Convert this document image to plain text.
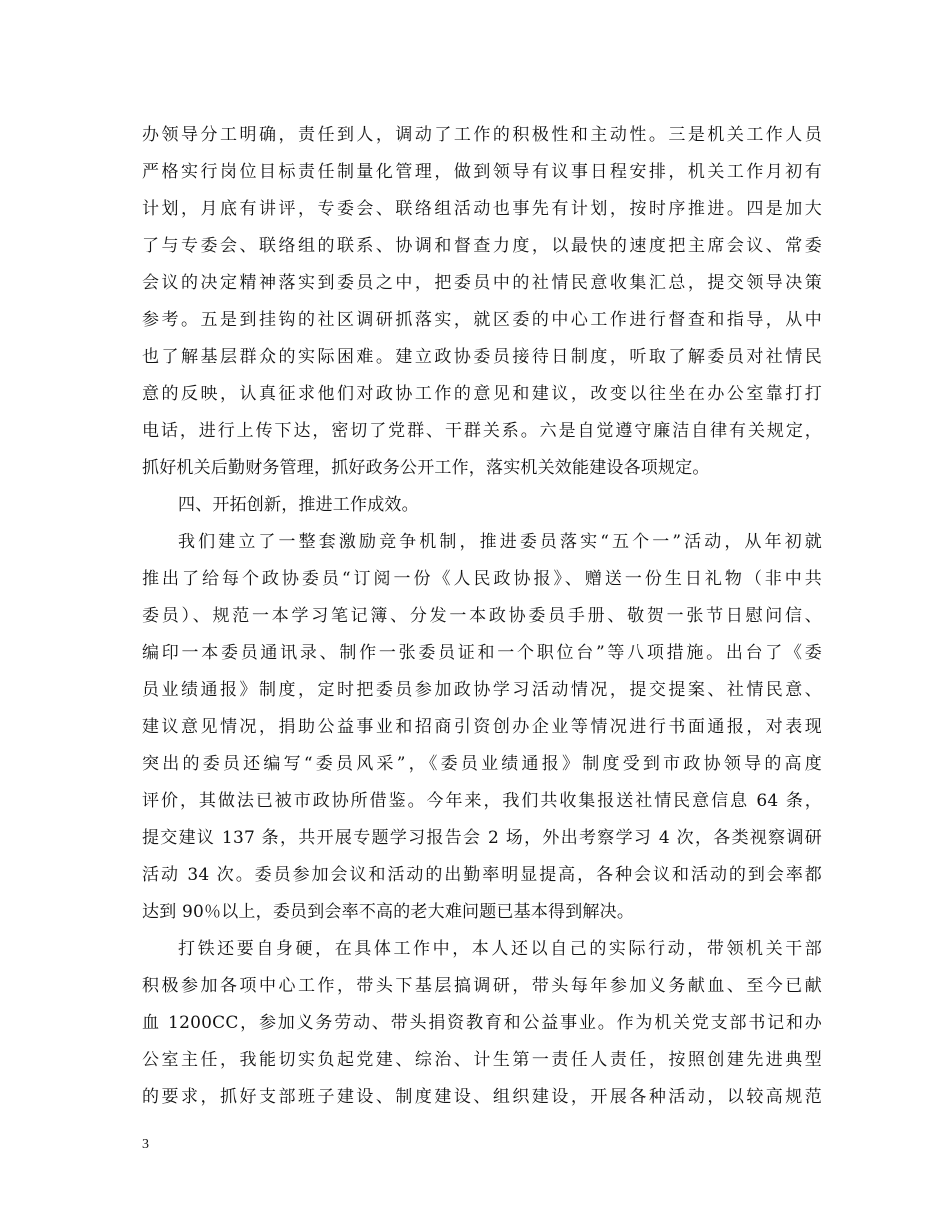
办领导分工明确，责任到人，调动了工作的积极性和主动性。三是机关工作人员
严格实行岗位目标责任制量化管理，做到领导有议事日程安排，机关工作月初有
计划，月底有讲评，专委会、联络组活动也事先有计划，按时序推进。四是加大
了与专委会、联络组的联系、协调和督查力度，以最快的速度把主席会议、常委
会议的决定精神落实到委员之中，把委员中的社情民意收集汇总，提交领导决策
参考。五是到挂钩的社区调研抓落实，就区委的中心工作进行督查和指导，从中
也了解基层群众的实际困难。建立政协委员接待日制度，听取了解委员对社情民
意的反映，认真征求他们对政协工作的意见和建议，改变以往坐在办公室靠打打
电话，进行上传下达，密切了党群、干群关系。六是自觉遵守廉洁自律有关规定，
抓好机关后勤财务管理，抓好政务公开工作，落实机关效能建设各项规定。
四、开拓创新，推进工作成效。
我们建立了一整套激励竞争机制，推进委员落实“五个一”活动，从年初就
推出了给每个政协委员“订阅一份《人民政协报》、赠送一份生日礼物（非中共
委员）、规范一本学习笔记簿、分发一本政协委员手册、敬贺一张节日慰问信、
编印一本委员通讯录、制作一张委员证和一个职位台”等八项措施。出台了《委
员业绩通报》制度，定时把委员参加政协学习活动情况，提交提案、社情民意、
建议意见情况，捐助公益事业和招商引资创办企业等情况进行书面通报，对表现
突出的委员还编写“委员风采”，《委员业绩通报》制度受到市政协领导的高度
评价，其做法已被市政协所借鉴。今年来，我们共收集报送社情民意信息 64 条，
提交建议 137 条，共开展专题学习报告会 2 场，外出考察学习 4 次，各类视察调研
活动 34 次。委员参加会议和活动的出勤率明显提高，各种会议和活动的到会率都
达到 90％以上，委员到会率不高的老大难问题已基本得到解决。
打铁还要自身硬，在具体工作中，本人还以自己的实际行动，带领机关干部
积极参加各项中心工作，带头下基层搞调研，带头每年参加义务献血、至今已献
血 1200CC，参加义务劳动、带头捐资教育和公益事业。作为机关党支部书记和办
公室主任，我能切实负起党建、综治、计生第一责任人责任，按照创建先进典型
的要求，抓好支部班子建设、制度建设、组织建设，开展各种活动，以较高规范
3
